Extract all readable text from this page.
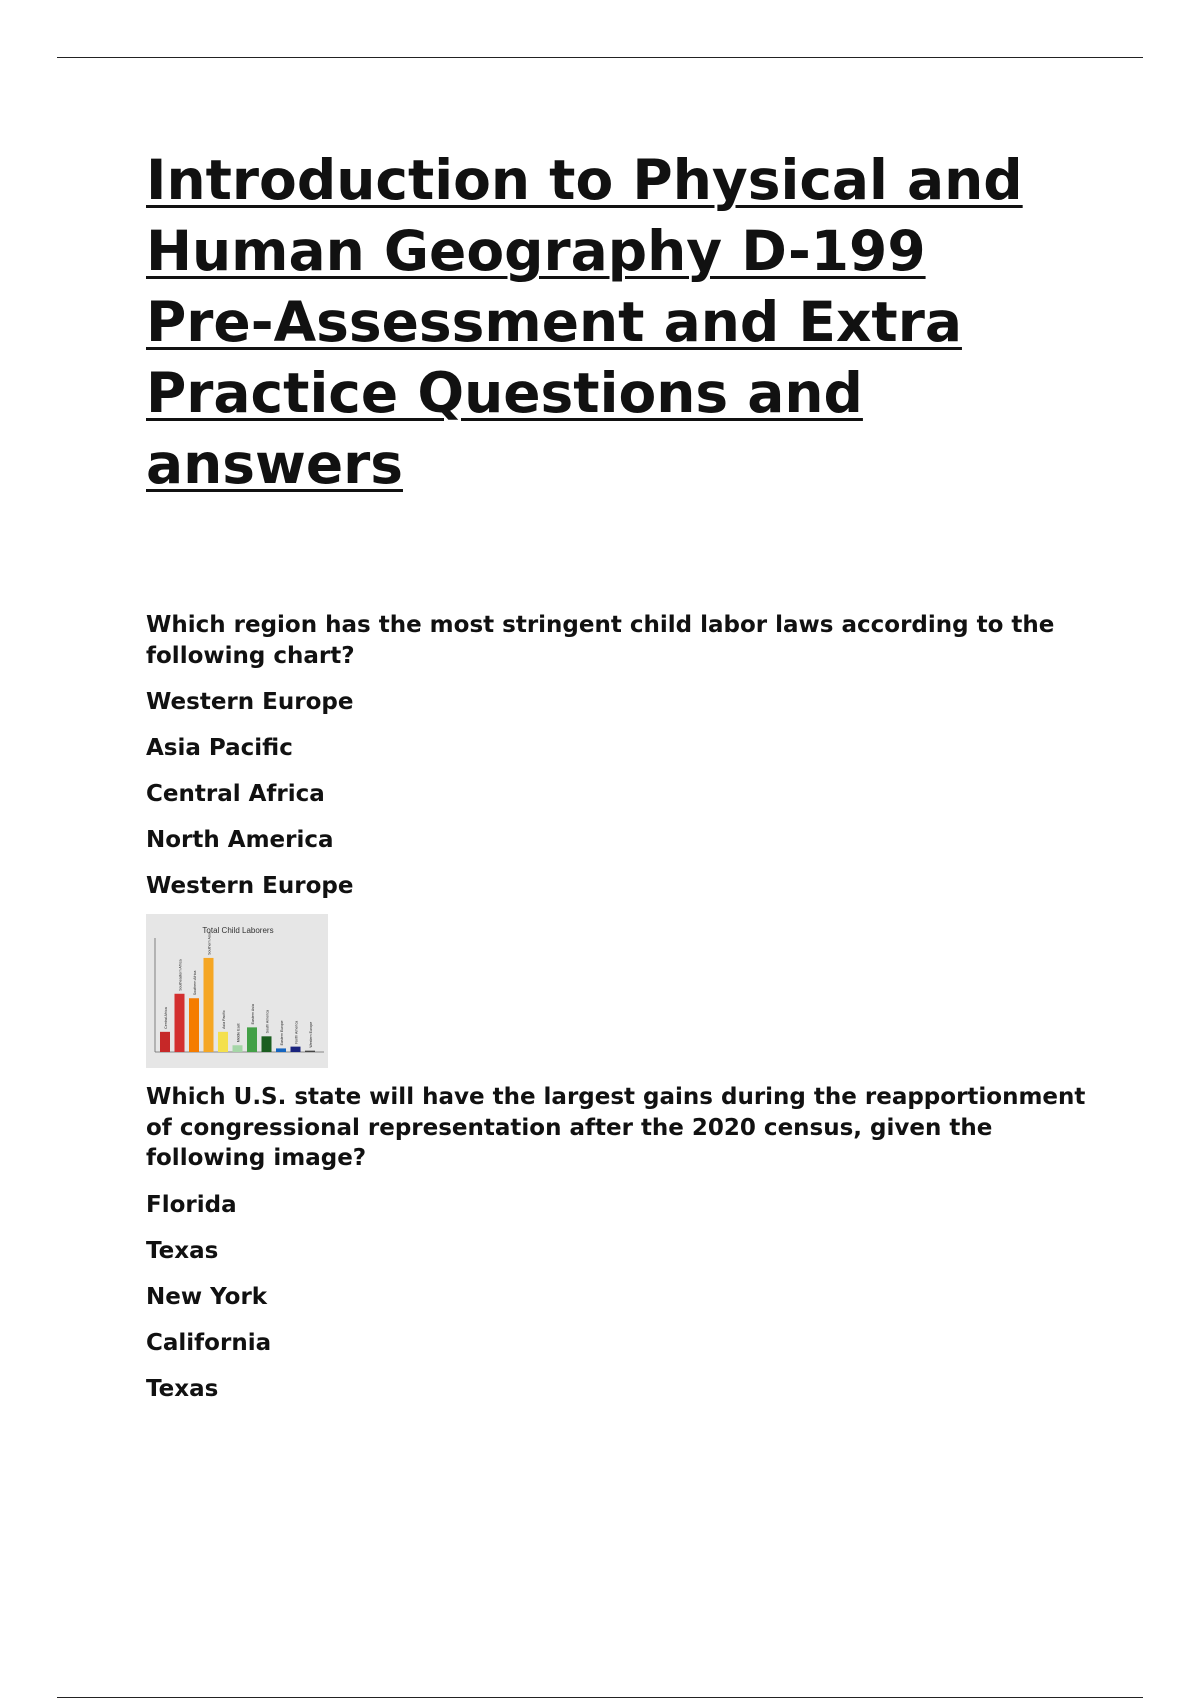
Introduction to Physical and
Human Geography D-199
Pre-Assessment and Extra
Practice Questions and
answers

Which region has the most stringent child labor laws according to the following chart?

Western Europe
Asia Pacific
Central Africa
North America
Western Europe
Total Child Laborers
Central Africa
Southeastern Africa	Southern Africa
Southern Asia
Asia Pacific
Middle East
Eastern Asia	South America	Eastern Europe	North America	Western Europe

Which U.S. state will have the largest gains during the reapportionment of congressional representation after the 2020 census, given the following image?

Florida
Texas
New York
California
Texas
